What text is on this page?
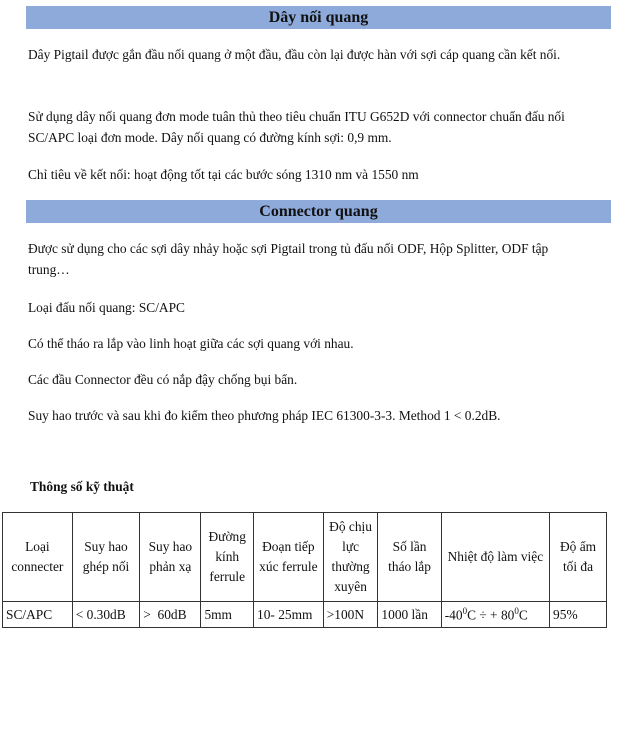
Dây nối quang
Dây Pigtail được gắn đầu nối quang ở một đầu, đầu còn lại được hàn với sợi cáp quang cần kết nối.
Sử dụng dây nối quang đơn mode tuân thủ theo tiêu chuẩn ITU G652D với connector chuẩn đấu nối SC/APC loại đơn mode. Dây nối quang có đường kính sợi: 0,9 mm.
Chỉ tiêu về kết nối: hoạt động tốt tại các bước sóng 1310 nm và 1550 nm
Connector quang
Được sử dụng cho các sợi dây nhảy hoặc sợi Pigtail trong tủ đấu nối ODF, Hộp Splitter, ODF tập trung…
Loại đấu nối quang: SC/APC
Có thể tháo ra lắp vào linh hoạt giữa các sợi quang với nhau.
Các đầu Connector đều có nắp đậy chống bụi bẩn.
Suy hao trước và sau khi đo kiểm theo phương pháp IEC 61300-3-3. Method 1 < 0.2dB.
Thông số kỹ thuật
Loại connecter	Suy hao ghép nối	Suy hao phản xạ	Đường kính ferrule	Đoạn tiếp xúc ferrule	Độ chịu lực thường xuyên	Số lần tháo lắp	Nhiệt độ làm việc	Độ ẩm tối đa
SC/APC	< 0.30dB	>  60dB	5mm	10- 25mm	>100N	1000 lần	$-40^0C$ ÷ + $80^0C$	95%
